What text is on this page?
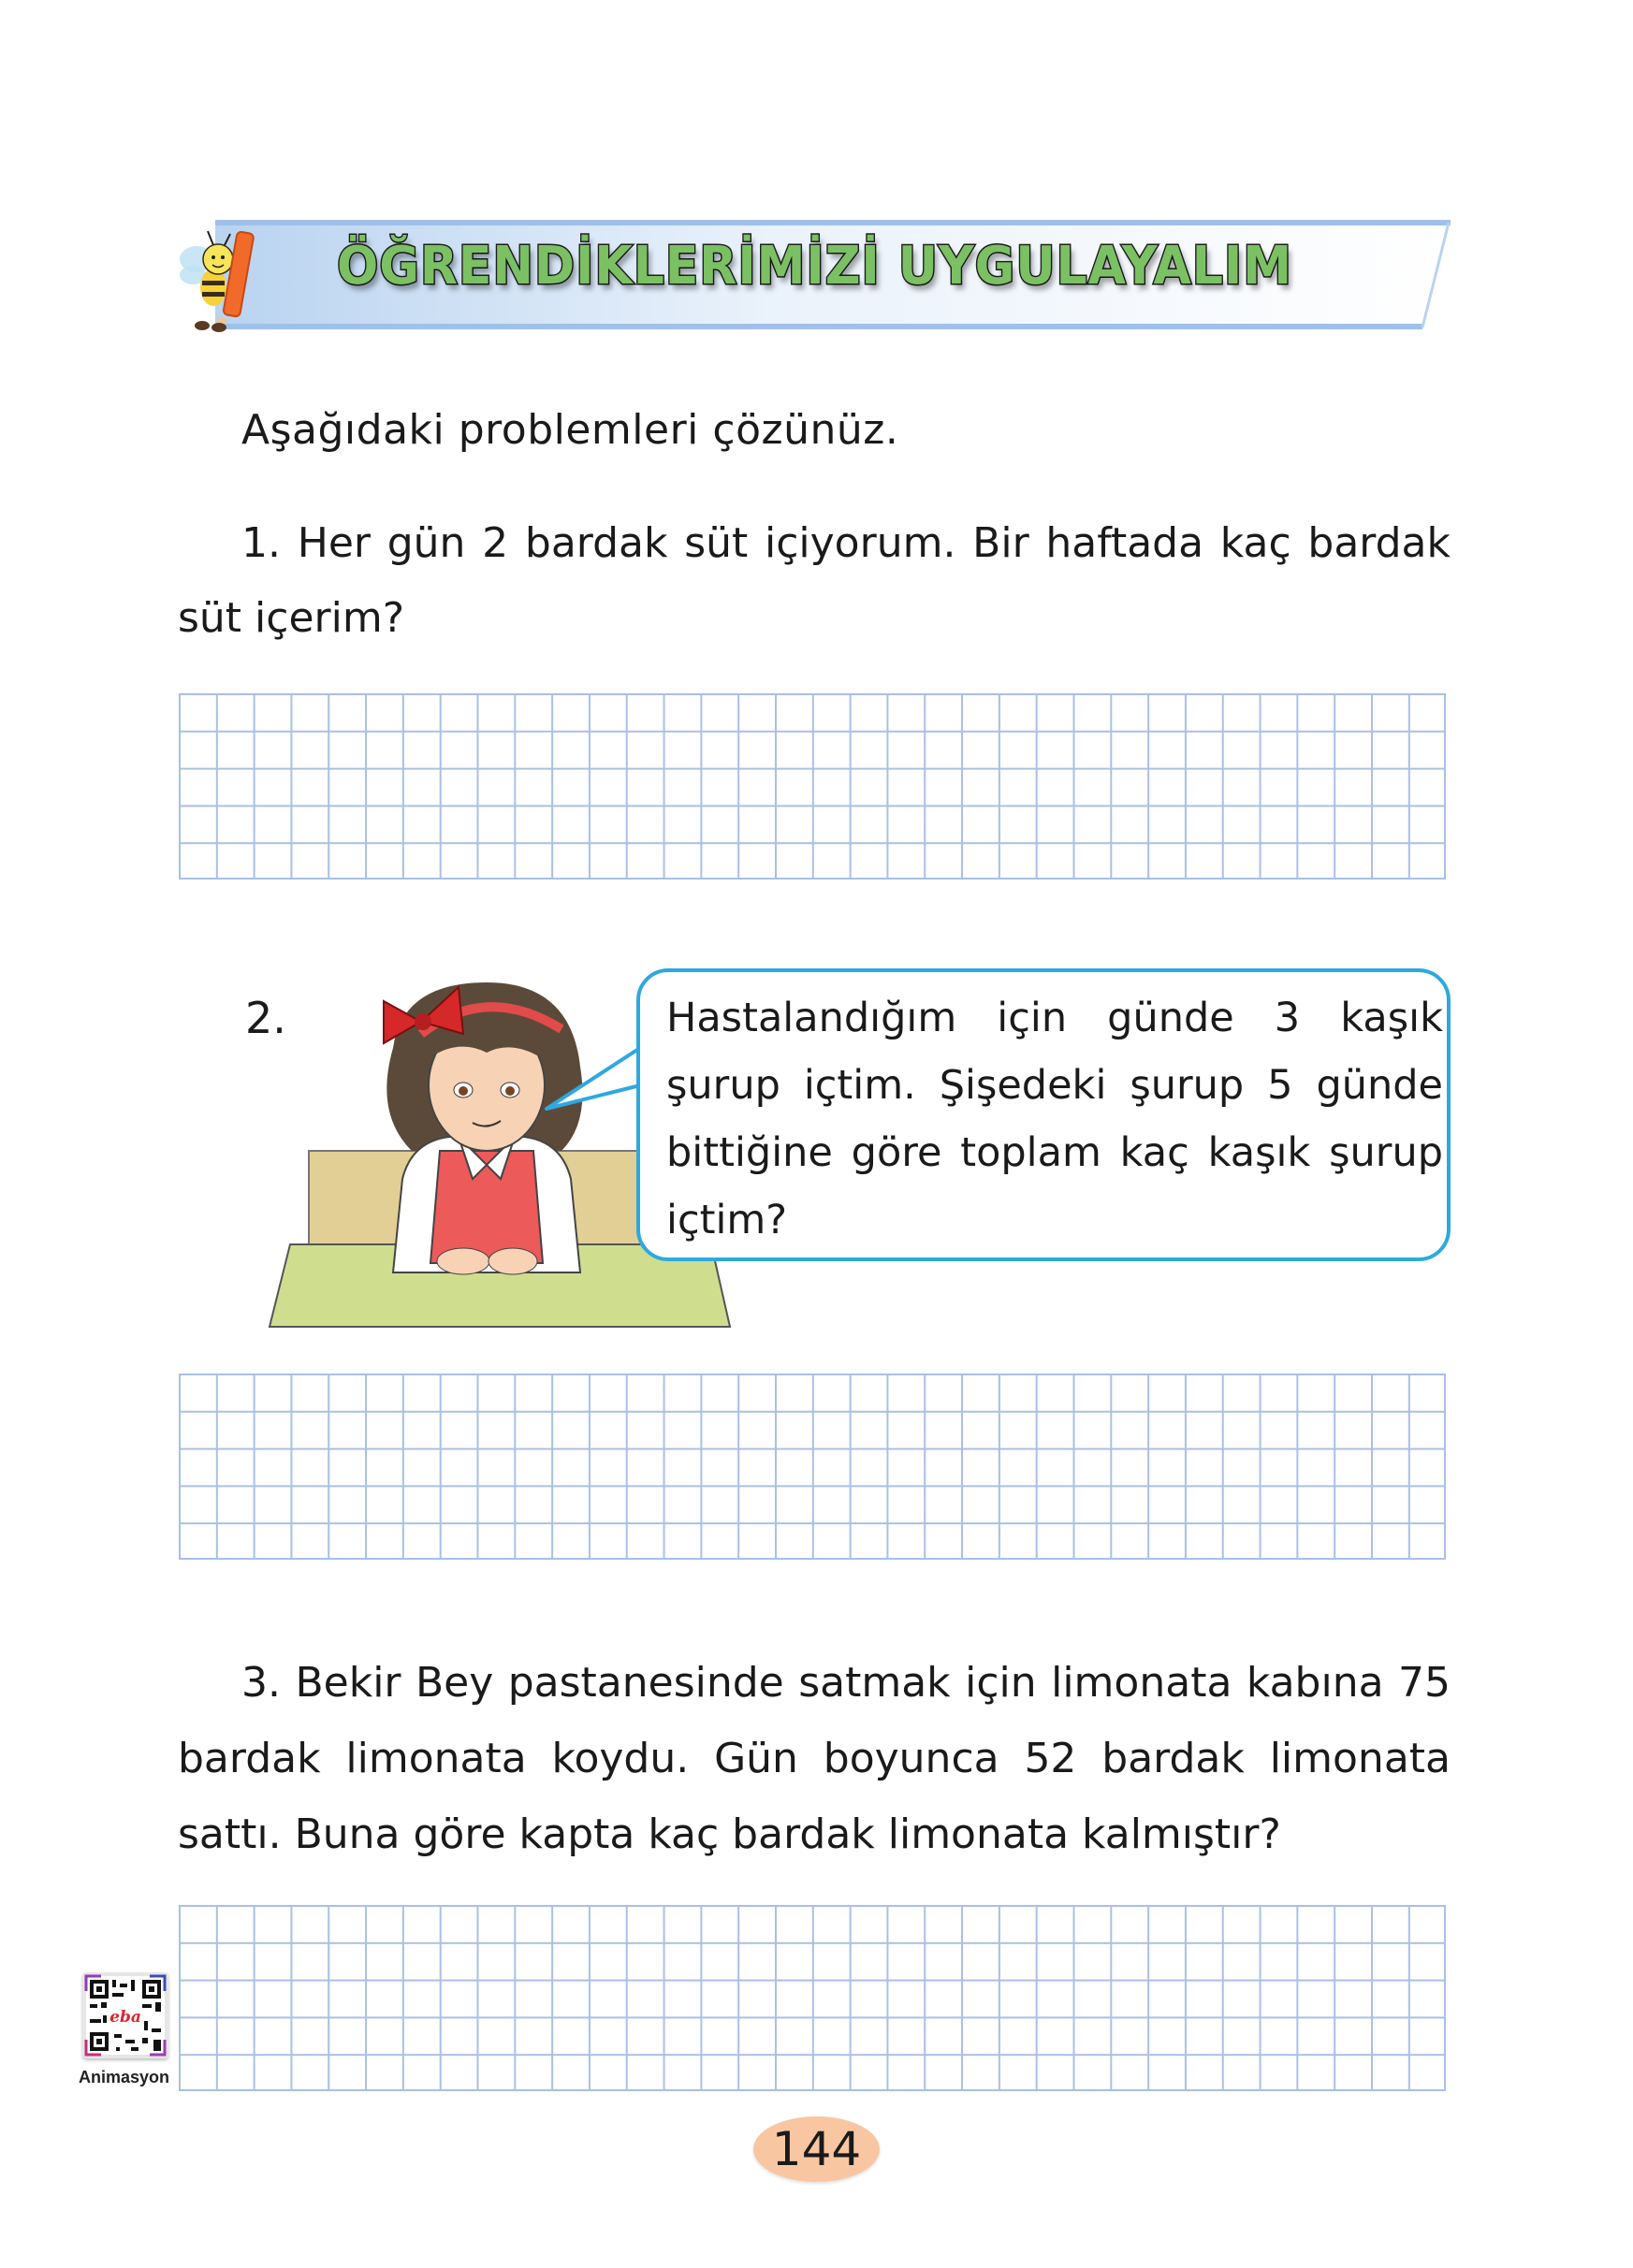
ÖĞRENDİKLERİMİZİ UYGULAYALIM
Aşağıdaki problemleri çözünüz.
1. Her gün 2 bardak süt içiyorum. Bir haftada kaç bardak süt içerim?
2.	Hastalandığım için günde 3 kaşık şurup içtim. Şişedeki şurup 5 günde bittiğine göre toplam kaç kaşık şurup içtim?
3. Bekir Bey pastanesinde satmak için limonata kabına 75 bardak limonata koydu. Gün boyunca 52 bardak limonata sattı. Buna göre kapta kaç bardak limonata kalmıştır?
eba
Animasyon
144
